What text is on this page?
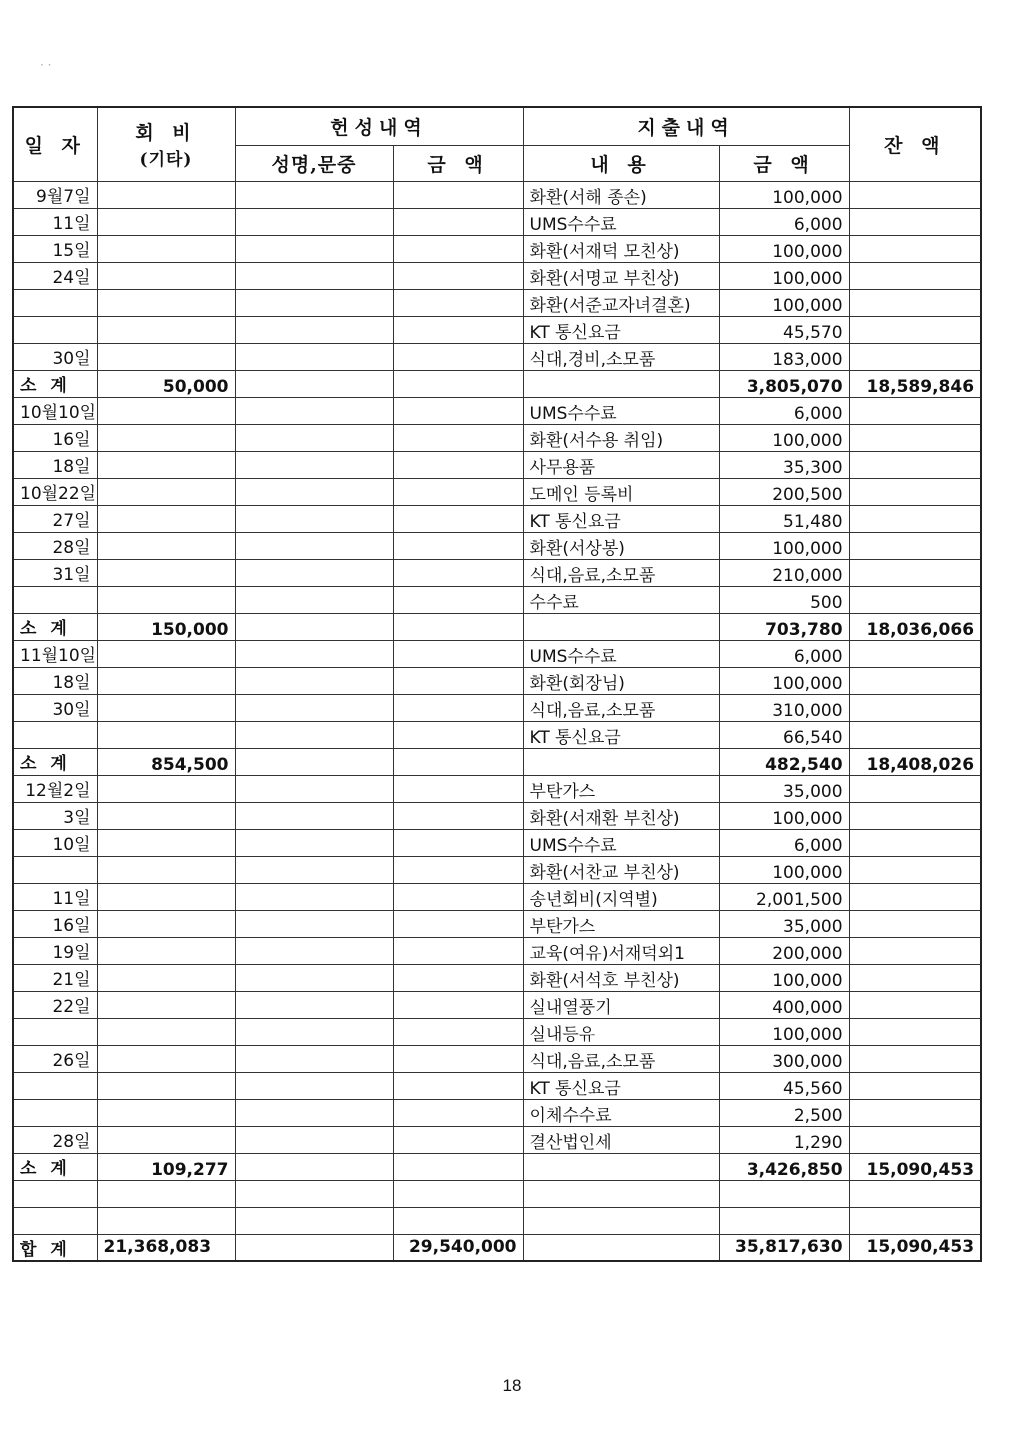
· ·
일 자	회 비
(기타)	헌성내역		지출내역		잔 액
		성명,문중	금 액	내 용	금 액	
9월7일				화환(서해 종손)	100,000	
11일				UMS수수료	6,000	
15일				화환(서재덕 모친상)	100,000	
24일				화환(서명교 부친상)	100,000	
				화환(서준교자녀결혼)	100,000	
				KT 통신요금	45,570	
30일				식대,경비,소모품	183,000	
소 계	50,000				3,805,070	18,589,846
10월10일				UMS수수료	6,000	
16일				화환(서수용 취임)	100,000	
18일				사무용품	35,300	
10월22일				도메인 등록비	200,500	
27일				KT 통신요금	51,480	
28일				화환(서상봉)	100,000	
31일				식대,음료,소모품	210,000	
				수수료	500	
소 계	150,000				703,780	18,036,066
11월10일				UMS수수료	6,000	
18일				화환(회장님)	100,000	
30일				식대,음료,소모품	310,000	
				KT 통신요금	66,540	
소 계	854,500				482,540	18,408,026
12월2일				부탄가스	35,000	
3일				화환(서재환 부친상)	100,000	
10일				UMS수수료	6,000	
				화환(서찬교 부친상)	100,000	
11일				송년회비(지역별)	2,001,500	
16일				부탄가스	35,000	
19일				교육(여유)서재덕외1	200,000	
21일				화환(서석호 부친상)	100,000	
22일				실내열풍기	400,000	
				실내등유	100,000	
26일				식대,음료,소모품	300,000	
				KT 통신요금	45,560	
				이체수수료	2,500	
28일				결산법인세	1,290	
소 계	109,277				3,426,850	15,090,453

합 계	21,368,083		29,540,000		35,817,630	15,090,453
18
